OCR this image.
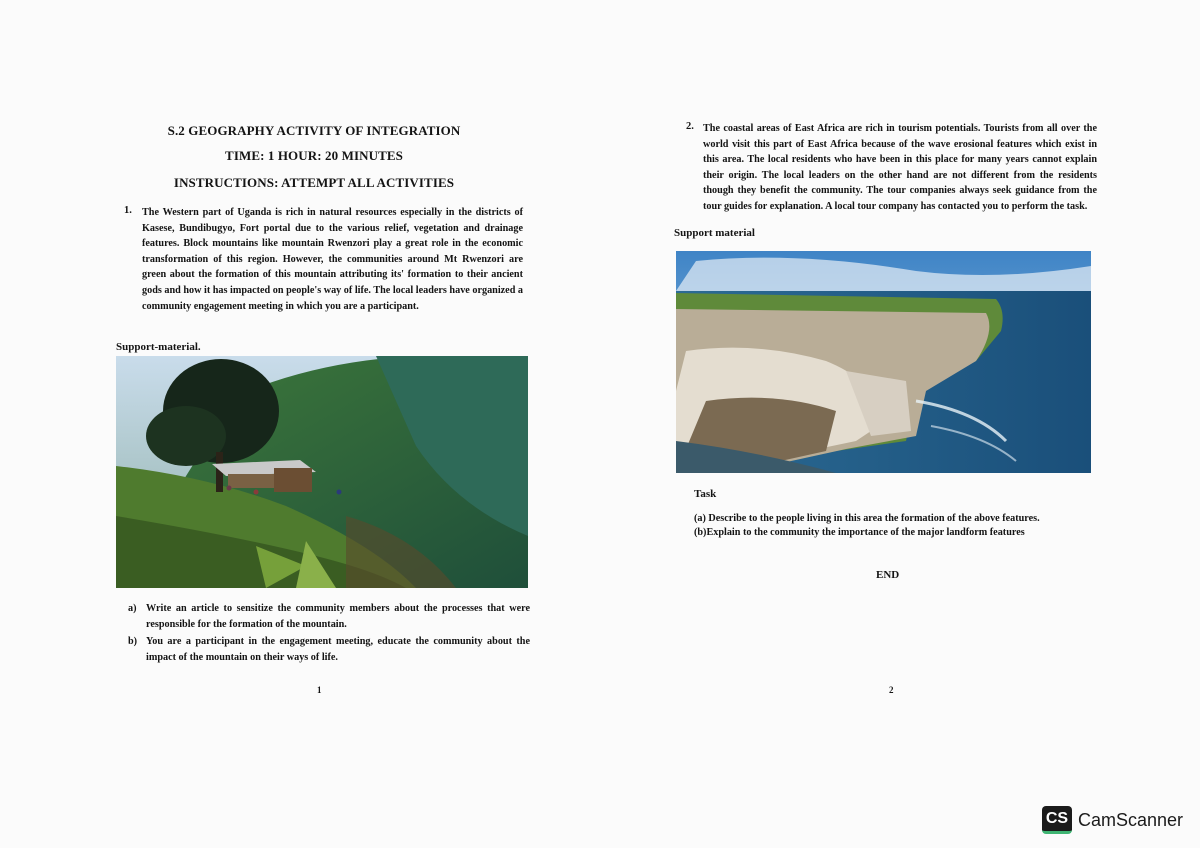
S.2 GEOGRAPHY ACTIVITY OF INTEGRATION
TIME: 1 HOUR: 20 MINUTES
INSTRUCTIONS: ATTEMPT ALL ACTIVITIES
1. The Western part of Uganda is rich in natural resources especially in the districts of Kasese, Bundibugyo, Fort portal due to the various relief, vegetation and drainage features. Block mountains like mountain Rwenzori play a great role in the economic transformation of this region. However, the communities around Mt Rwenzori are green about the formation of this mountain attributing its' formation to their ancient gods and how it has impacted on people's way of life. The local leaders have organized a community engagement meeting in which you are a participant.
Support-material.
a) Write an article to sensitize the community members about the processes that were responsible for the formation of the mountain.
b) You are a participant in the engagement meeting, educate the community about the impact of the mountain on their ways of life.
1
2. The coastal areas of East Africa are rich in tourism potentials. Tourists from all over the world visit this part of East Africa because of the wave erosional features which exist in this area. The local residents who have been in this place for many years cannot explain their origin. The local leaders on the other hand are not different from the residents though they benefit the community. The tour companies always seek guidance from the tour guides for explanation. A local tour company has contacted you to perform the task.
Support material
Task
(a) Describe to the people living in this area the formation of the above features.
(b)Explain to the community the importance of the major landform features
END
2
CS CamScanner
